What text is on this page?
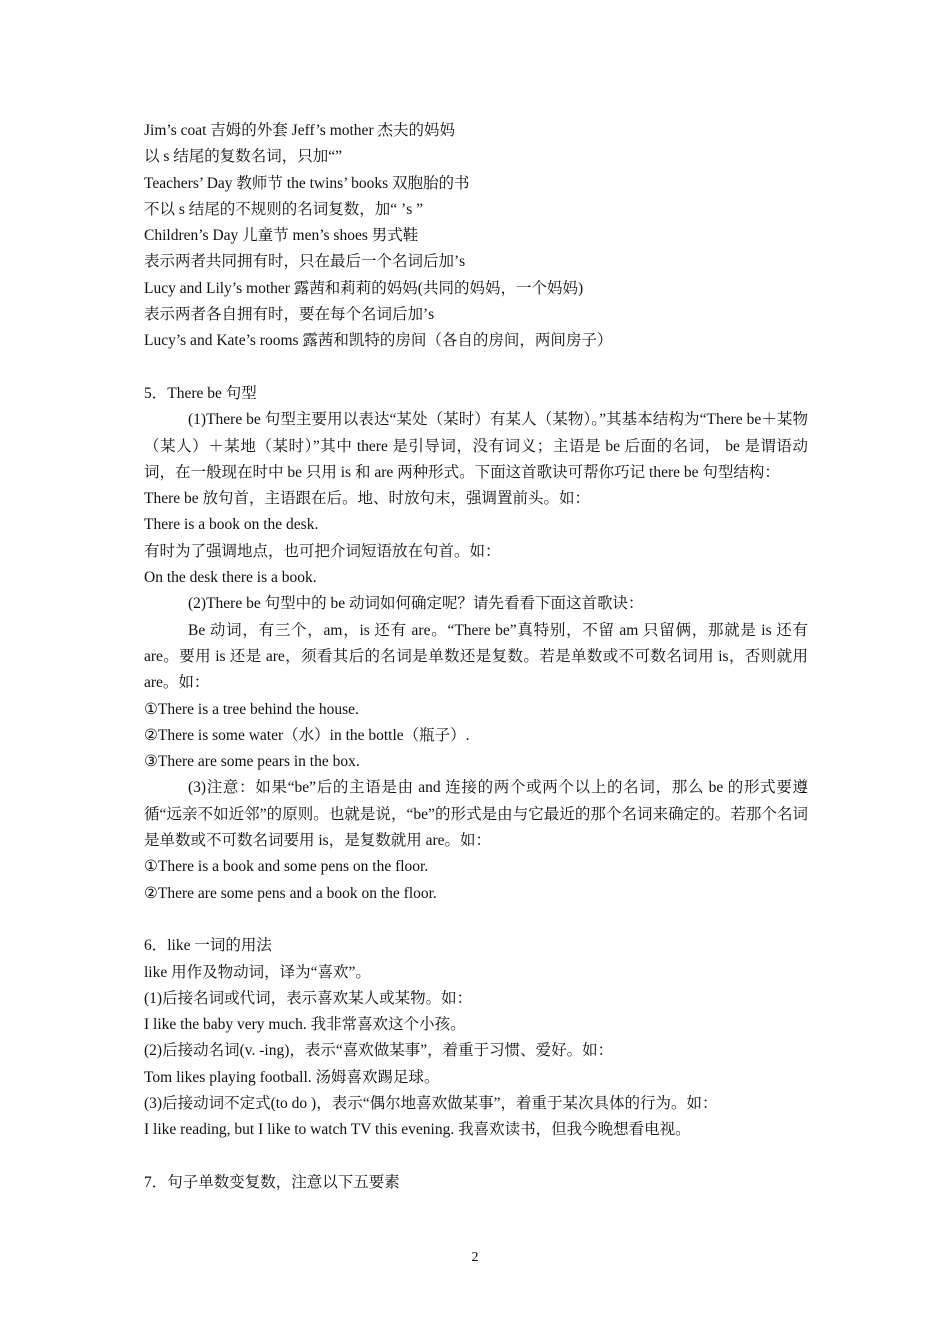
Jim’s coat 吉姆的外套 Jeff’s mother 杰夫的妈妈
以 s 结尾的复数名词，只加“”
Teachers’ Day 教师节 the twins’ books 双胞胎的书
不以 s 结尾的不规则的名词复数，加“ ’s ”
Children’s Day 儿童节 men’s shoes 男式鞋
表示两者共同拥有时，只在最后一个名词后加’s
Lucy and Lily’s mother 露茜和莉莉的妈妈(共同的妈妈，一个妈妈)
表示两者各自拥有时，要在每个名词后加’s
Lucy’s and Kate’s rooms 露茜和凯特的房间（各自的房间，两间房子）
5．There be 句型
(1)There be 句型主要用以表达“某处（某时）有某人（某物）。”其基本结构为“There be＋某物（某人）＋某地（某时）”其中 there 是引导词，没有词义；主语是 be 后面的名词， be 是谓语动词，在一般现在时中 be 只用 is 和 are 两种形式。下面这首歌诀可帮你巧记 there be 句型结构：
There be 放句首，主语跟在后。地、时放句末，强调置前头。如：
There is a book on the desk.
有时为了强调地点，也可把介词短语放在句首。如：
On the desk there is a book.
(2)There be 句型中的 be 动词如何确定呢？请先看看下面这首歌诀：
Be 动词，有三个，am，is 还有 are。“There be”真特别，不留 am 只留俩，那就是 is 还有 are。要用 is 还是 are，须看其后的名词是单数还是复数。若是单数或不可数名词用 is，否则就用 are。如：
①There is a tree behind the house.
②There is some water（水）in the bottle（瓶子）.
③There are some pears in the box.
(3)注意：如果“be”后的主语是由 and 连接的两个或两个以上的名词，那么 be 的形式要遵循“远亲不如近邻”的原则。也就是说，“be”的形式是由与它最近的那个名词来确定的。若那个名词是单数或不可数名词要用 is，是复数就用 are。如：
①There is a book and some pens on the floor.
②There are some pens and a book on the floor.
6．like 一词的用法
like 用作及物动词，译为“喜欢”。
(1)后接名词或代词，表示喜欢某人或某物。如：
I like the baby very much. 我非常喜欢这个小孩。
(2)后接动名词(v. -ing)，表示“喜欢做某事”，着重于习惯、爱好。如：
Tom likes playing football. 汤姆喜欢踢足球。
(3)后接动词不定式(to do )，表示“偶尔地喜欢做某事”，着重于某次具体的行为。如：
I like reading, but I like to watch TV this evening. 我喜欢读书，但我今晚想看电视。
7．句子单数变复数，注意以下五要素
2
